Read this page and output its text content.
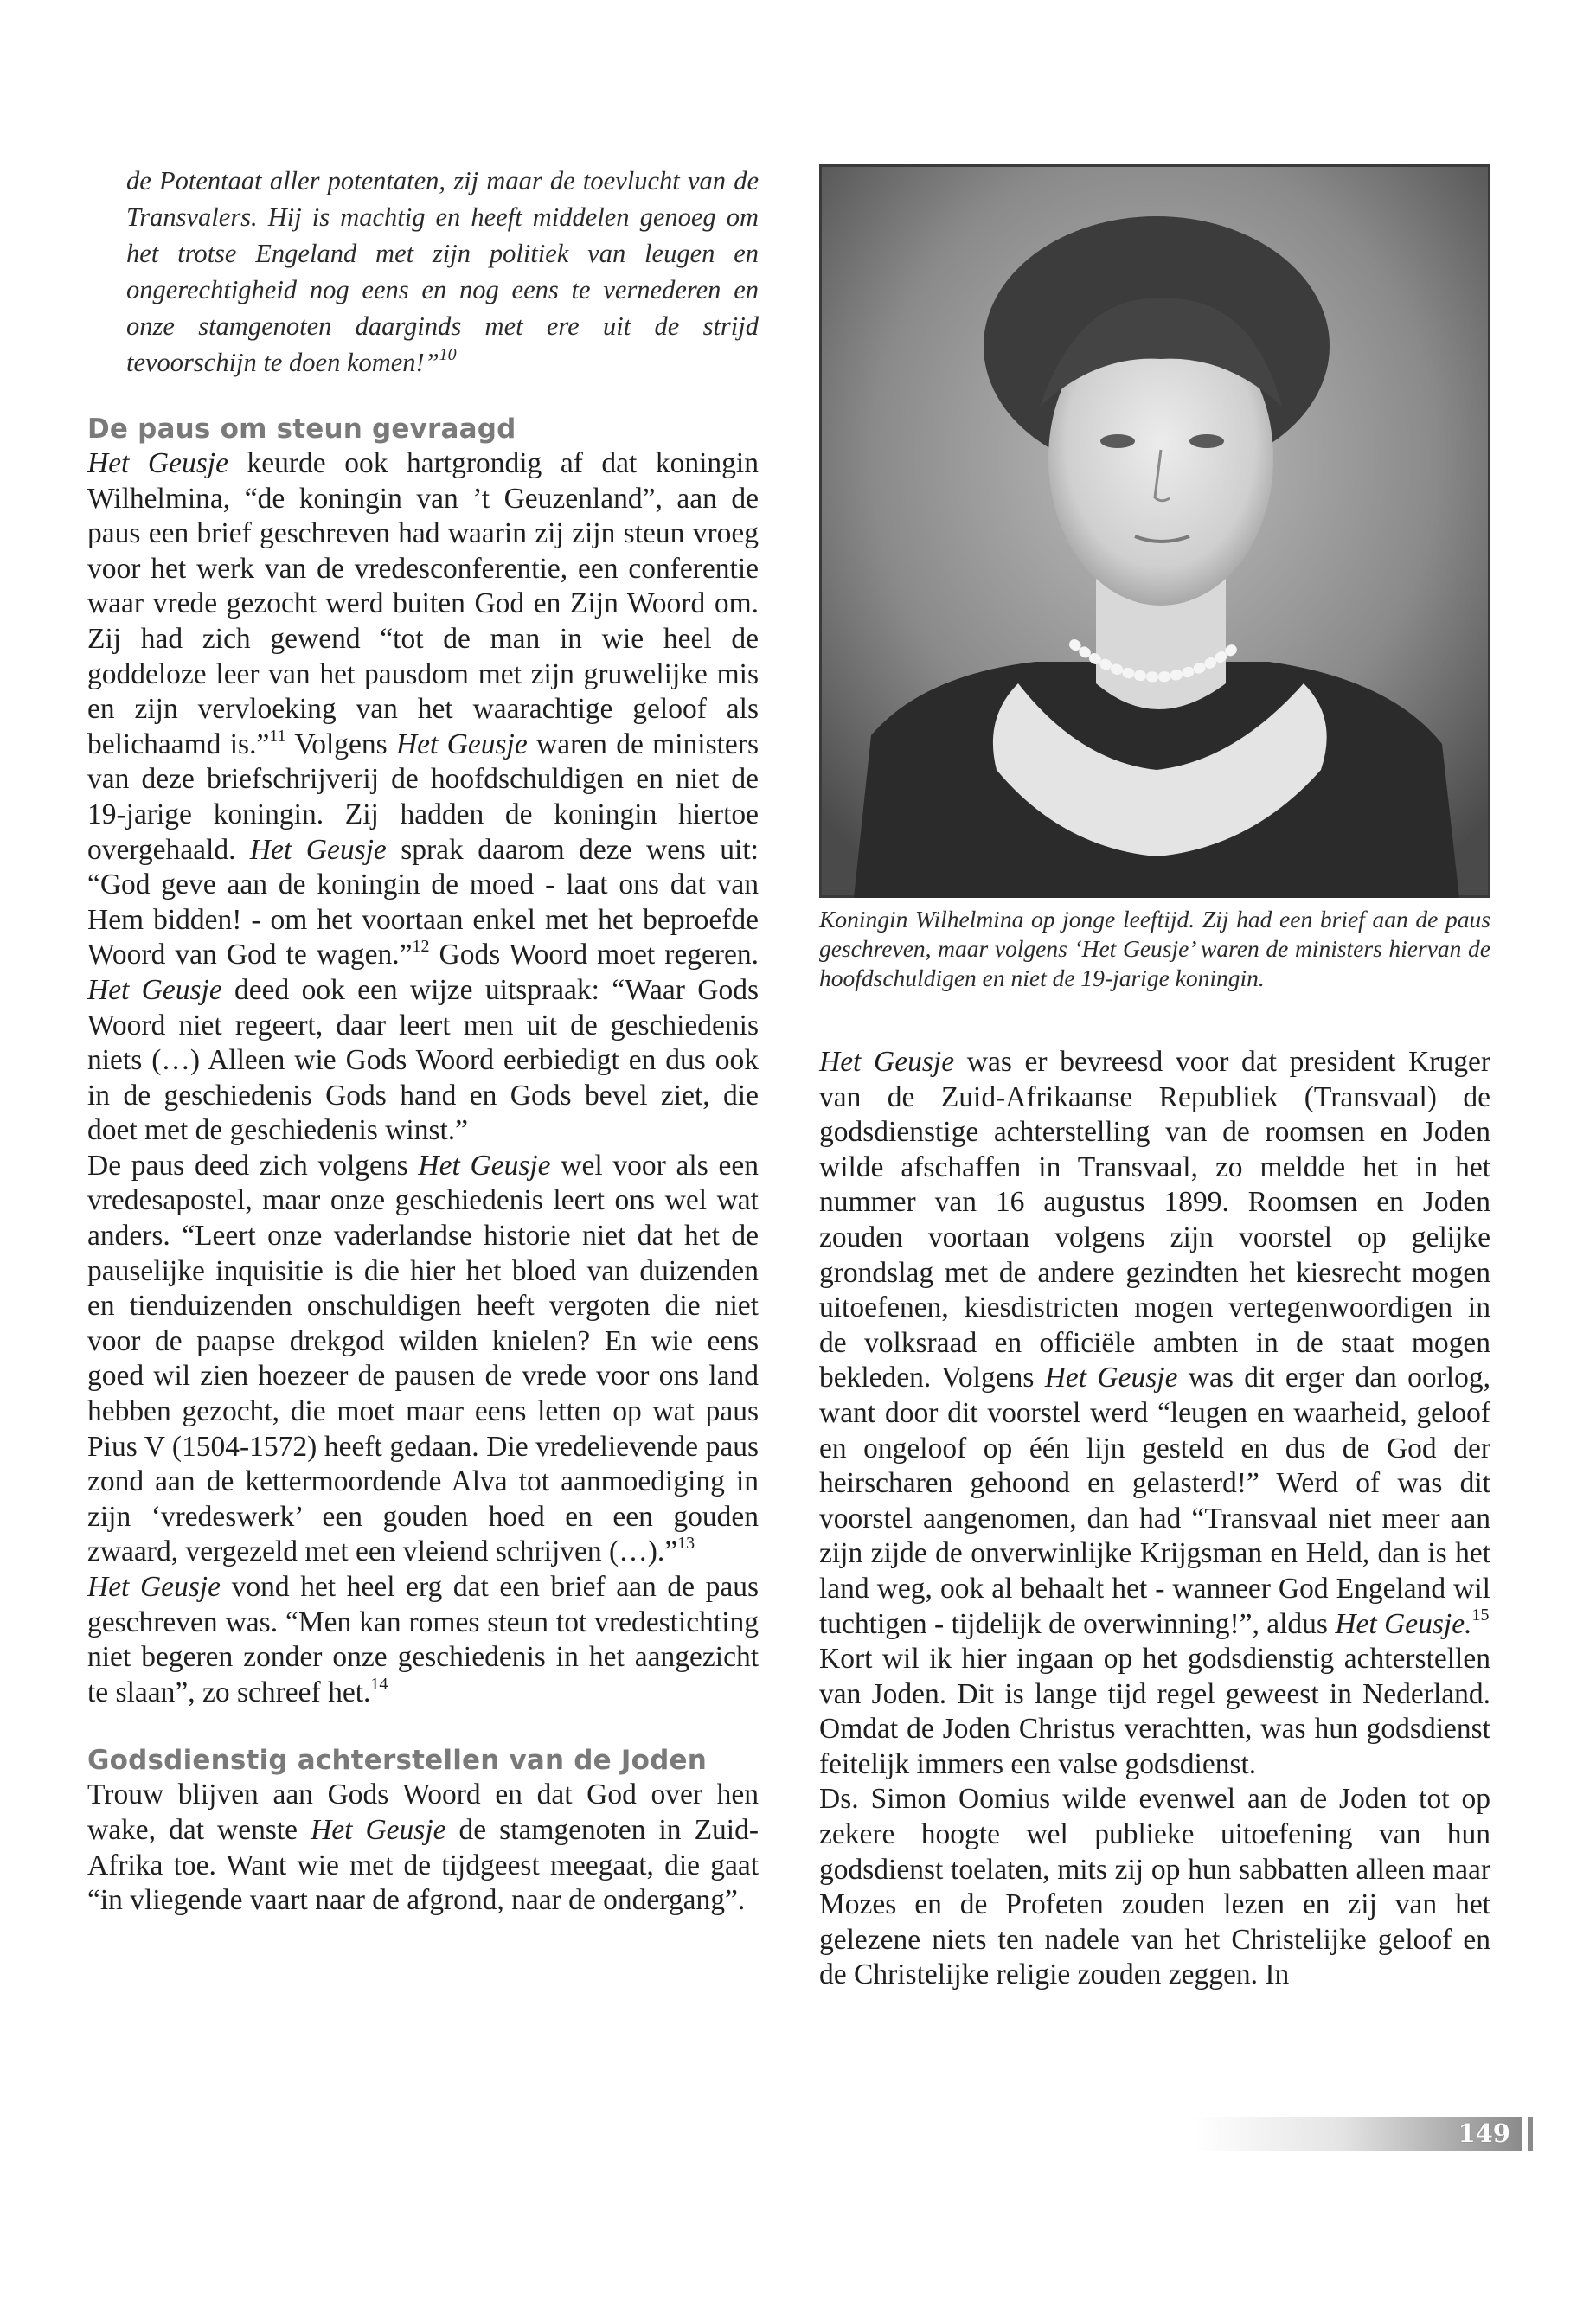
de Potentaat aller potentaten, zij maar de toevlucht van de Transvalers. Hij is machtig en heeft middelen genoeg om het trotse Engeland met zijn politiek van leugen en ongerechtigheid nog eens en nog eens te vernederen en onze stamgenoten daarginds met ere uit de strijd tevoorschijn te doen komen!”$^{10}$

De paus om steun gevraagd

Het Geusje keurde ook hartgrondig af dat koningin Wilhelmina, “de koningin van ’t Geuzenland”, aan de paus een brief geschreven had waarin zij zijn steun vroeg voor het werk van de vredesconferentie, een conferentie waar vrede gezocht werd buiten God en Zijn Woord om. Zij had zich gewend “tot de man in wie heel de goddeloze leer van het pausdom met zijn gruwelijke mis en zijn vervloeking van het waarachtige geloof als belichaamd is.”$^{11}$ Volgens Het Geusje waren de ministers van deze briefschrijverij de hoofdschuldigen en niet de 19-jarige koningin. Zij hadden de koningin hiertoe overgehaald. Het Geusje sprak daarom deze wens uit: “God geve aan de koningin de moed - laat ons dat van Hem bidden! - om het voortaan enkel met het beproefde Woord van God te wagen.”$^{12}$ Gods Woord moet regeren. Het Geusje deed ook een wijze uitspraak: “Waar Gods Woord niet regeert, daar leert men uit de geschiedenis niets (…) Alleen wie Gods Woord eerbiedigt en dus ook in de geschiedenis Gods hand en Gods bevel ziet, die doet met de geschiedenis winst.”

De paus deed zich volgens Het Geusje wel voor als een vredesapostel, maar onze geschiedenis leert ons wel wat anders. “Leert onze vaderlandse historie niet dat het de pauselijke inquisitie is die hier het bloed van duizenden en tienduizenden onschuldigen heeft vergoten die niet voor de paapse drekgod wilden knielen? En wie eens goed wil zien hoezeer de pausen de vrede voor ons land hebben gezocht, die moet maar eens letten op wat paus Pius V (1504-1572) heeft gedaan. Die vredelievende paus zond aan de kettermoordende Alva tot aanmoediging in zijn ‘vredeswerk’ een gouden hoed en een gouden zwaard, vergezeld met een vleiend schrijven (…).”$^{13}$

Het Geusje vond het heel erg dat een brief aan de paus geschreven was. “Men kan romes steun tot vredestichting niet begeren zonder onze geschiedenis in het aangezicht te slaan”, zo schreef het.$^{14}$

Godsdienstig achterstellen van de Joden

Trouw blijven aan Gods Woord en dat God over hen wake, dat wenste Het Geusje de stamgenoten in Zuid-Afrika toe. Want wie met de tijdgeest meegaat, die gaat “in vliegende vaart naar de afgrond, naar de ondergang”.

Koningin Wilhelmina op jonge leeftijd. Zij had een brief aan de paus geschreven, maar volgens ‘Het Geusje’ waren de ministers hiervan de hoofdschuldigen en niet de 19-jarige koningin.

Het Geusje was er bevreesd voor dat president Kruger van de Zuid-Afrikaanse Republiek (Transvaal) de godsdienstige achterstelling van de roomsen en Joden wilde afschaffen in Transvaal, zo meldde het in het nummer van 16 augustus 1899. Roomsen en Joden zouden voortaan volgens zijn voorstel op gelijke grondslag met de andere gezindten het kiesrecht mogen uitoefenen, kiesdistricten mogen vertegenwoordigen in de volksraad en officiële ambten in de staat mogen bekleden. Volgens Het Geusje was dit erger dan oorlog, want door dit voorstel werd “leugen en waarheid, geloof en ongeloof op één lijn gesteld en dus de God der heirscharen gehoond en gelasterd!” Werd of was dit voorstel aangenomen, dan had “Transvaal niet meer aan zijn zijde de onverwinlijke Krijgsman en Held, dan is het land weg, ook al behaalt het - wanneer God Engeland wil tuchtigen - tijdelijk de overwinning!”, aldus Het Geusje.$^{15}$

Kort wil ik hier ingaan op het godsdienstig achterstellen van Joden. Dit is lange tijd regel geweest in Nederland. Omdat de Joden Christus verachtten, was hun godsdienst feitelijk immers een valse godsdienst.

Ds. Simon Oomius wilde evenwel aan de Joden tot op zekere hoogte wel publieke uitoefening van hun godsdienst toelaten, mits zij op hun sabbatten alleen maar Mozes en de Profeten zouden lezen en zij van het gelezene niets ten nadele van het Christelijke geloof en de Christelijke religie zouden zeggen. In

149
